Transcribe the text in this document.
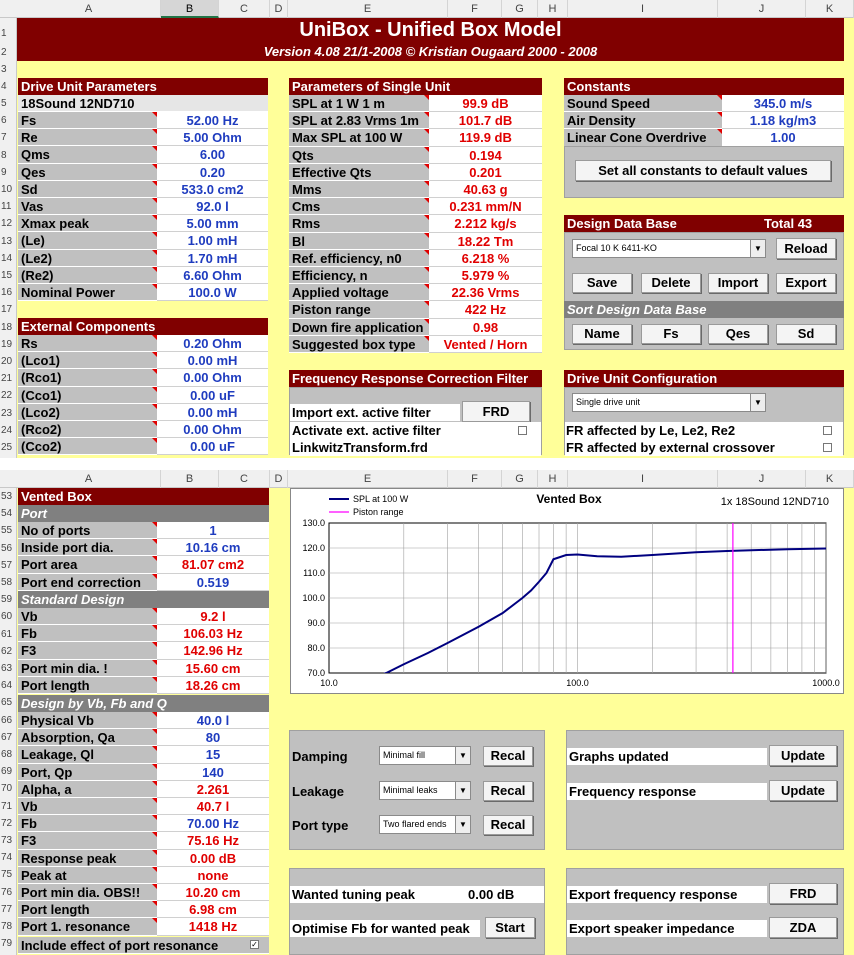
A	B	C	D	E	F	G	H	I	J	K
1
2
3
4
5
6
7
8
9
10
11
12
13
14
15
16
17
18
19
20
21
22
23
24
25
UniBox - Unified Box Model
Version 4.08 21/1-2008 © Kristian Ougaard 2000 - 2008
Drive Unit Parameters
18Sound 12ND710
Fs	52.00 Hz
Re	5.00 Ohm
Qms	6.00
Qes	0.20
Sd	533.0 cm2
Vas	92.0 l
Xmax peak	5.00 mm
(Le)	1.00 mH
(Le2)	1.70 mH
(Re2)	6.60 Ohm
Nominal Power	100.0 W
External Components
Rs	0.20 Ohm
(Lco1)	0.00 mH
(Rco1)	0.00 Ohm
(Cco1)	0.00 uF
(Lco2)	0.00 mH
(Rco2)	0.00 Ohm
(Cco2)	0.00 uF
Parameters of Single Unit
SPL at 1 W 1 m	99.9 dB
SPL at 2.83 Vrms 1m	101.7 dB
Max SPL at 100 W	119.9 dB
Qts	0.194
Effective Qts	0.201
Mms	40.63 g
Cms	0.231 mm/N
Rms	2.212 kg/s
Bl	18.22 Tm
Ref. efficiency, n0	6.218 %
Efficiency, n	5.979 %
Applied voltage	22.36 Vrms
Piston range	422 Hz
Down fire application	0.98
Suggested box type	Vented / Horn
Frequency Response Correction Filter
Import ext. active filter	FRD
Activate ext. active filter
LinkwitzTransform.frd
Constants
Sound Speed	345.0 m/s
Air Density	1.18 kg/m3
Linear Cone Overdrive	1.00
Set all constants to default values
Design Data Base	Total 43
Focal 10 K 6411-KO	▼	Reload
Save	Delete	Import	Export
Sort Design Data Base
Name	Fs	Qes	Sd
Drive Unit Configuration
Single drive unit	▼
FR affected by Le, Le2, Re2
FR affected by external crossover
A	B	C	D	E	F	G	H	I	J	K
53
54
55
56
57
58
59
60
61
62
63
64
65
66
67
68
69
70
71
72
73
74
75
76
77
78
79
Vented Box
Port
No of ports	1
Inside port dia.	10.16 cm
Port area	81.07 cm2
Port end correction	0.519
Standard Design
Vb	9.2 l
Fb	106.03 Hz
F3	142.96 Hz
Port min dia. !	15.60 cm
Port length	18.26 cm
Design by Vb, Fb and Q
Physical Vb	40.0 l
Absorption, Qa	80
Leakage, Ql	15
Port, Qp	140
Alpha, a	2.261
Vb	40.7 l
Fb	70.00 Hz
F3	75.16 Hz
Response peak	0.00 dB
Peak at	none
Port min dia. OBS!!	10.20 cm
Port length	6.98 cm
Port 1. resonance	1418 Hz
Include effect of port resonance	✓
130.0
120.0
110.0
100.0
90.0
80.0
70.0
10.0	100.0	1000.0
SPL at 100 W
Piston range
Vented Box	1x 18Sound 12ND710
Damping	Minimal fill	▼	Recal
Leakage	Minimal leaks	▼	Recal
Port type	Two flared ends	▼	Recal
Graphs updated	Update
Frequency response	Update
Wanted tuning peak	0.00 dB
Optimise Fb for wanted peak	Start
Export frequency response	FRD
Export speaker impedance	ZDA
